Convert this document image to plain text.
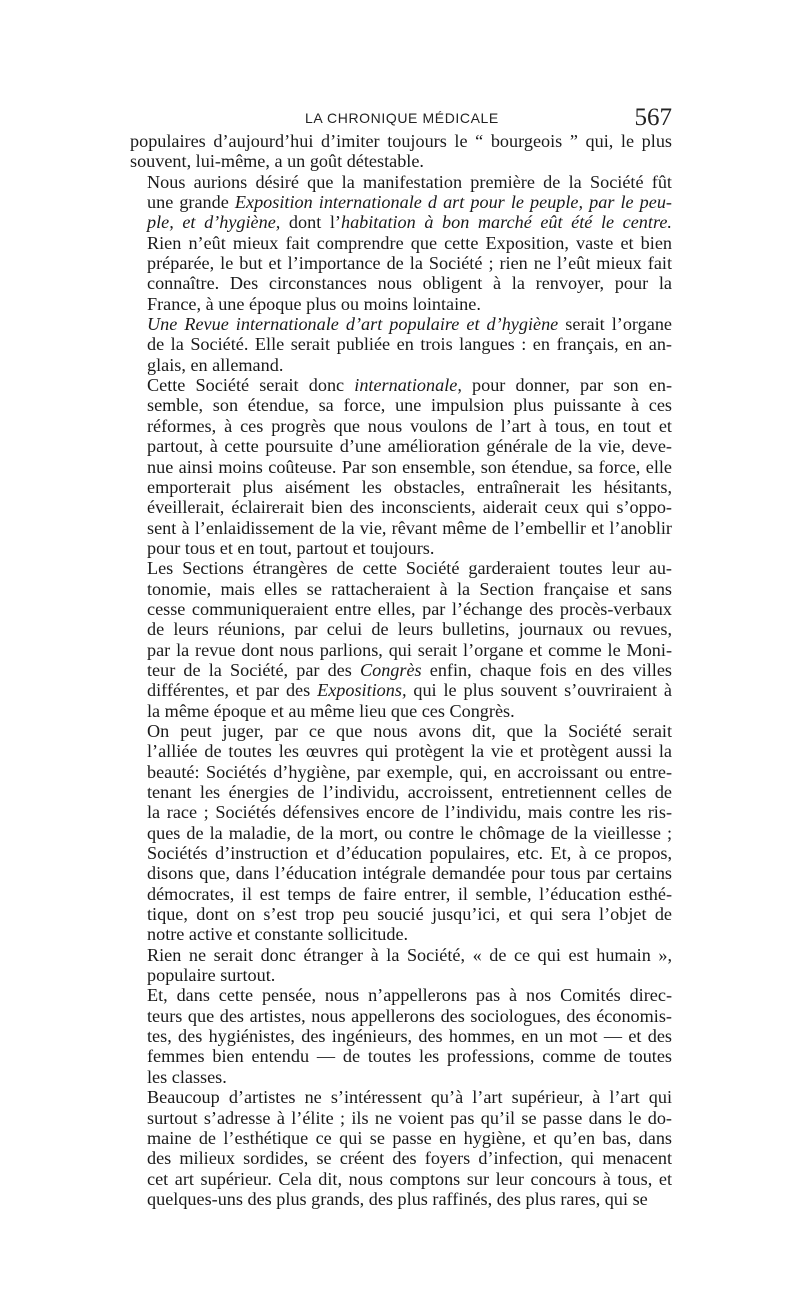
LA CHRONIQUE MÉDICALE	567

populaires d’aujourd’hui d’imiter toujours le “ bourgeois ” qui, le plus
souvent, lui-même, a un goût détestable.

Nous aurions désiré que la manifestation première de la Société fût
une grande Exposition internationale d art pour le peuple, par le peu-
ple, et d’hygiène, dont l’habitation à bon marché eût été le centre.
Rien n’eût mieux fait comprendre que cette Exposition, vaste et bien
préparée, le but et l’importance de la Société ; rien ne l’eût mieux fait
connaître. Des circonstances nous obligent à la renvoyer, pour la
France, à une époque plus ou moins lointaine.

Une Revue internationale d’art populaire et d’hygiène serait l’organe
de la Société. Elle serait publiée en trois langues : en français, en an-
glais, en allemand.

Cette Société serait donc internationale, pour donner, par son en-
semble, son étendue, sa force, une impulsion plus puissante à ces
réformes, à ces progrès que nous voulons de l’art à tous, en tout et
partout, à cette poursuite d’une amélioration générale de la vie, deve-
nue ainsi moins coûteuse. Par son ensemble, son étendue, sa force, elle
emporterait plus aisément les obstacles, entraînerait les hésitants,
éveillerait, éclairerait bien des inconscients, aiderait ceux qui s’oppo-
sent à l’enlaidissement de la vie, rêvant même de l’embellir et l’anoblir
pour tous et en tout, partout et toujours.

Les Sections étrangères de cette Société garderaient toutes leur au-
tonomie, mais elles se rattacheraient à la Section française et sans
cesse communiqueraient entre elles, par l’échange des procès-verbaux
de leurs réunions, par celui de leurs bulletins, journaux ou revues,
par la revue dont nous parlions, qui serait l’organe et comme le Moni-
teur de la Société, par des Congrès enfin, chaque fois en des villes
différentes, et par des Expositions, qui le plus souvent s’ouvriraient à
la même époque et au même lieu que ces Congrès.

On peut juger, par ce que nous avons dit, que la Société serait
l’alliée de toutes les œuvres qui protègent la vie et protègent aussi la
beauté: Sociétés d’hygiène, par exemple, qui, en accroissant ou entre-
tenant les énergies de l’individu, accroissent, entretiennent celles de
la race ; Sociétés défensives encore de l’individu, mais contre les ris-
ques de la maladie, de la mort, ou contre le chômage de la vieillesse ;
Sociétés d’instruction et d’éducation populaires, etc. Et, à ce propos,
disons que, dans l’éducation intégrale demandée pour tous par certains
démocrates, il est temps de faire entrer, il semble, l’éducation esthé-
tique, dont on s’est trop peu soucié jusqu’ici, et qui sera l’objet de
notre active et constante sollicitude.

Rien ne serait donc étranger à la Société, « de ce qui est humain »,
populaire surtout.

Et, dans cette pensée, nous n’appellerons pas à nos Comités direc-
teurs que des artistes, nous appellerons des sociologues, des économis-
tes, des hygiénistes, des ingénieurs, des hommes, en un mot — et des
femmes bien entendu — de toutes les professions, comme de toutes
les classes.

Beaucoup d’artistes ne s’intéressent qu’à l’art supérieur, à l’art qui
surtout s’adresse à l’élite ; ils ne voient pas qu’il se passe dans le do-
maine de l’esthétique ce qui se passe en hygiène, et qu’en bas, dans
des milieux sordides, se créent des foyers d’infection, qui menacent
cet art supérieur. Cela dit, nous comptons sur leur concours à tous, et
quelques-uns des plus grands, des plus raffinés, des plus rares, qui se
